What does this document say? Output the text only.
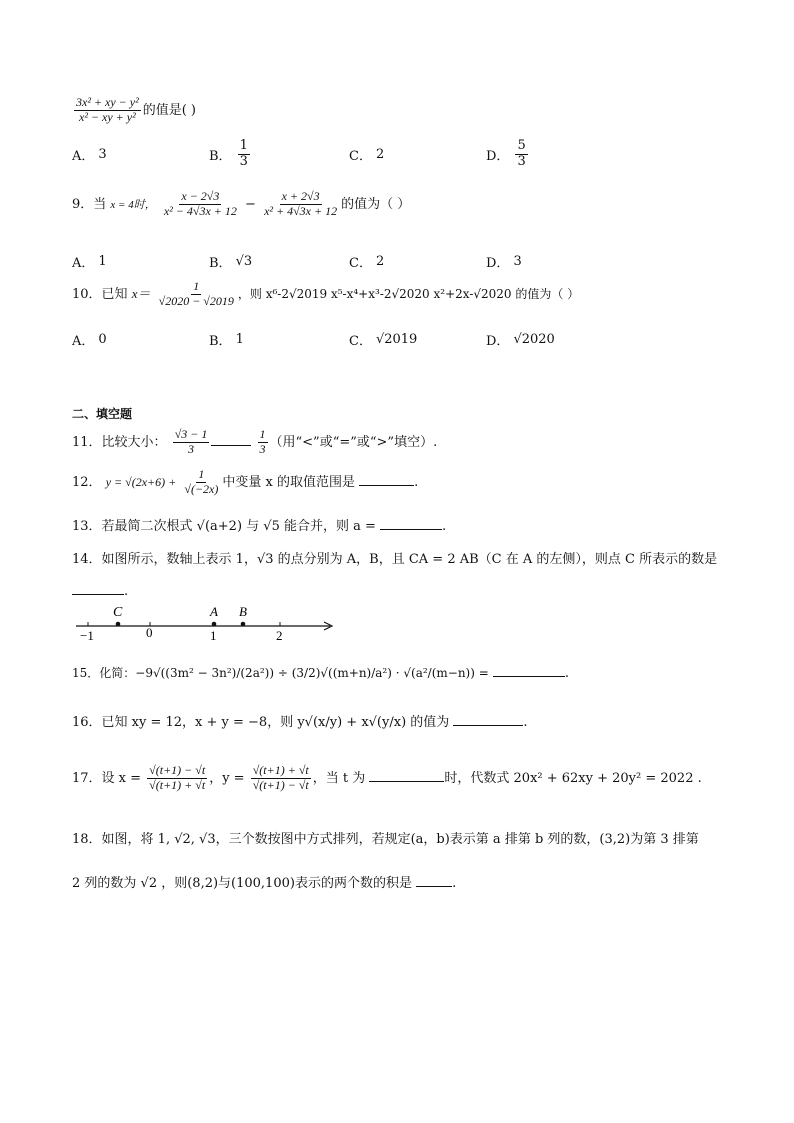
$\frac{\text{3x² + xy − y²}}{\text{x² − xy + y²}}$ 的值是( )
A． 3	B． $\frac{1}{3}$	C． 2	D． $\frac{5}{3}$
9．当 x = 4时， $\frac{x - 2√3}{\text{x² − 4√3x + 12}} - \frac{x + 2√3}{\text{x² + 4√3x + 12}}$ 的值为（ ）
A． 1	B． √3	C． 2	D． 3
10．已知 $x= \frac{1}{√2020 - √2019}$ ，则 x⁶-2√2019 x⁵-x⁴+x³-2√2020 x²+2x-√2020 的值为（ ）
A． 0	B． 1	C． √2019	D． √2020
二、填空题
11．比较大小： $\frac{√3 - 1}{3}$
	$\frac{1}{3}$ （用“<”或“=”或“>”填空）.
12． $y = √(2x+6) + \frac{1}{√(-2x)}$ 中变量 x 的取值范围是	.
13．若最简二次根式 √(a+2) 与 √5 能合并，则 a =	.
14．如图所示，数轴上表示 1，√3 的点分别为 A，B，且 CA = 2 AB（C 在 A 的左侧），则点 C 所表示的数是
.
C	A B
−1	0	1	2
15．化简：−9√((3m² − 3n²)/(2a²)) ÷ (3/2)√((m+n)/a²) · √(a²/(m−n)) =	.
16．已知 xy = 12，x + y = −8，则 y√(x/y) + x√(y/x) 的值为	.
17．设 $x = \frac{√(t+1) - √t}{√(t+1) + √t}$ ，$y = \frac{√(t+1) + √t}{√(t+1) - √t}$ ，当 t 为	时，代数式 20x² + 62xy + 20y² = 2022 .
18．如图，将 1, √2, √3，三个数按图中方式排列，若规定(a，b)表示第 a 排第 b 列的数，(3,2)为第 3 排第
2 列的数为 √2 ，则(8,2)与(100,100)表示的两个数的积是	.
